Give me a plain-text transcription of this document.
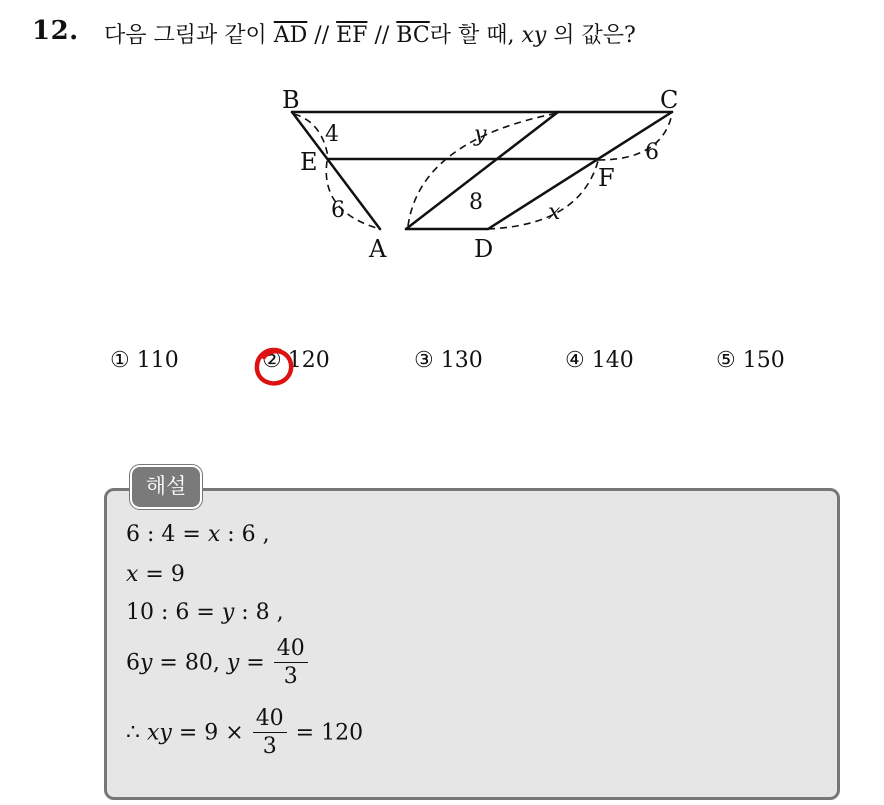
12. 다음 그림과 같이 $\overline{AD} // \overline{EF} // \overline{BC}$라 할 때, xy 의 값은?
B	C
E
F
A	D
4
6
y
8
6
x
① 110	② 120	③ 130	④ 140	⑤ 150
해설
6 : 4 = x : 6 ,
x = 9
10 : 6 = y : 8 ,
6y = 80, $y = \frac{40}{3}$
∴ xy = $9 \times \frac{40}{3} = 120$
